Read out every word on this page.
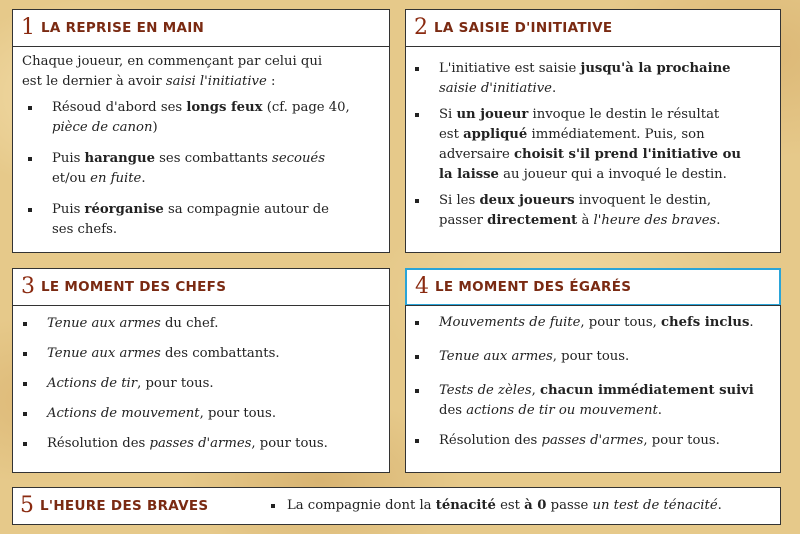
1 LA REPRISE EN MAIN

Chaque joueur, en commençant par celui qui
est le dernier à avoir saisi l'initiative :

Résoud d'abord ses longs feux (cf. page 40,
pièce de canon)
Puis harangue ses combattants secoués
et/ou en fuite.
Puis réorganise sa compagnie autour de
ses chefs.
2 LA SAISIE D'INITIATIVE
L'initiative est saisie jusqu'à la prochaine
saisie d'initiative.
Si un joueur invoque le destin le résultat
est appliqué immédiatement. Puis, son
adversaire choisit s'il prend l'initiative ou
la laisse au joueur qui a invoqué le destin.
Si les deux joueurs invoquent le destin,
passer directement à l'heure des braves.
3 LE MOMENT DES CHEFS
Tenue aux armes du chef.
Tenue aux armes des combattants.
Actions de tir, pour tous.
Actions de mouvement, pour tous.
Résolution des passes d'armes, pour tous.
4 LE MOMENT DES ÉGARÉS
Mouvements de fuite, pour tous, chefs inclus.
Tenue aux armes, pour tous.
Tests de zèles, chacun immédiatement suivi
des actions de tir ou mouvement.
Résolution des passes d'armes, pour tous.
5 L'HEURE DES BRAVES	La compagnie dont la ténacité est à 0 passe un test de ténacité.
